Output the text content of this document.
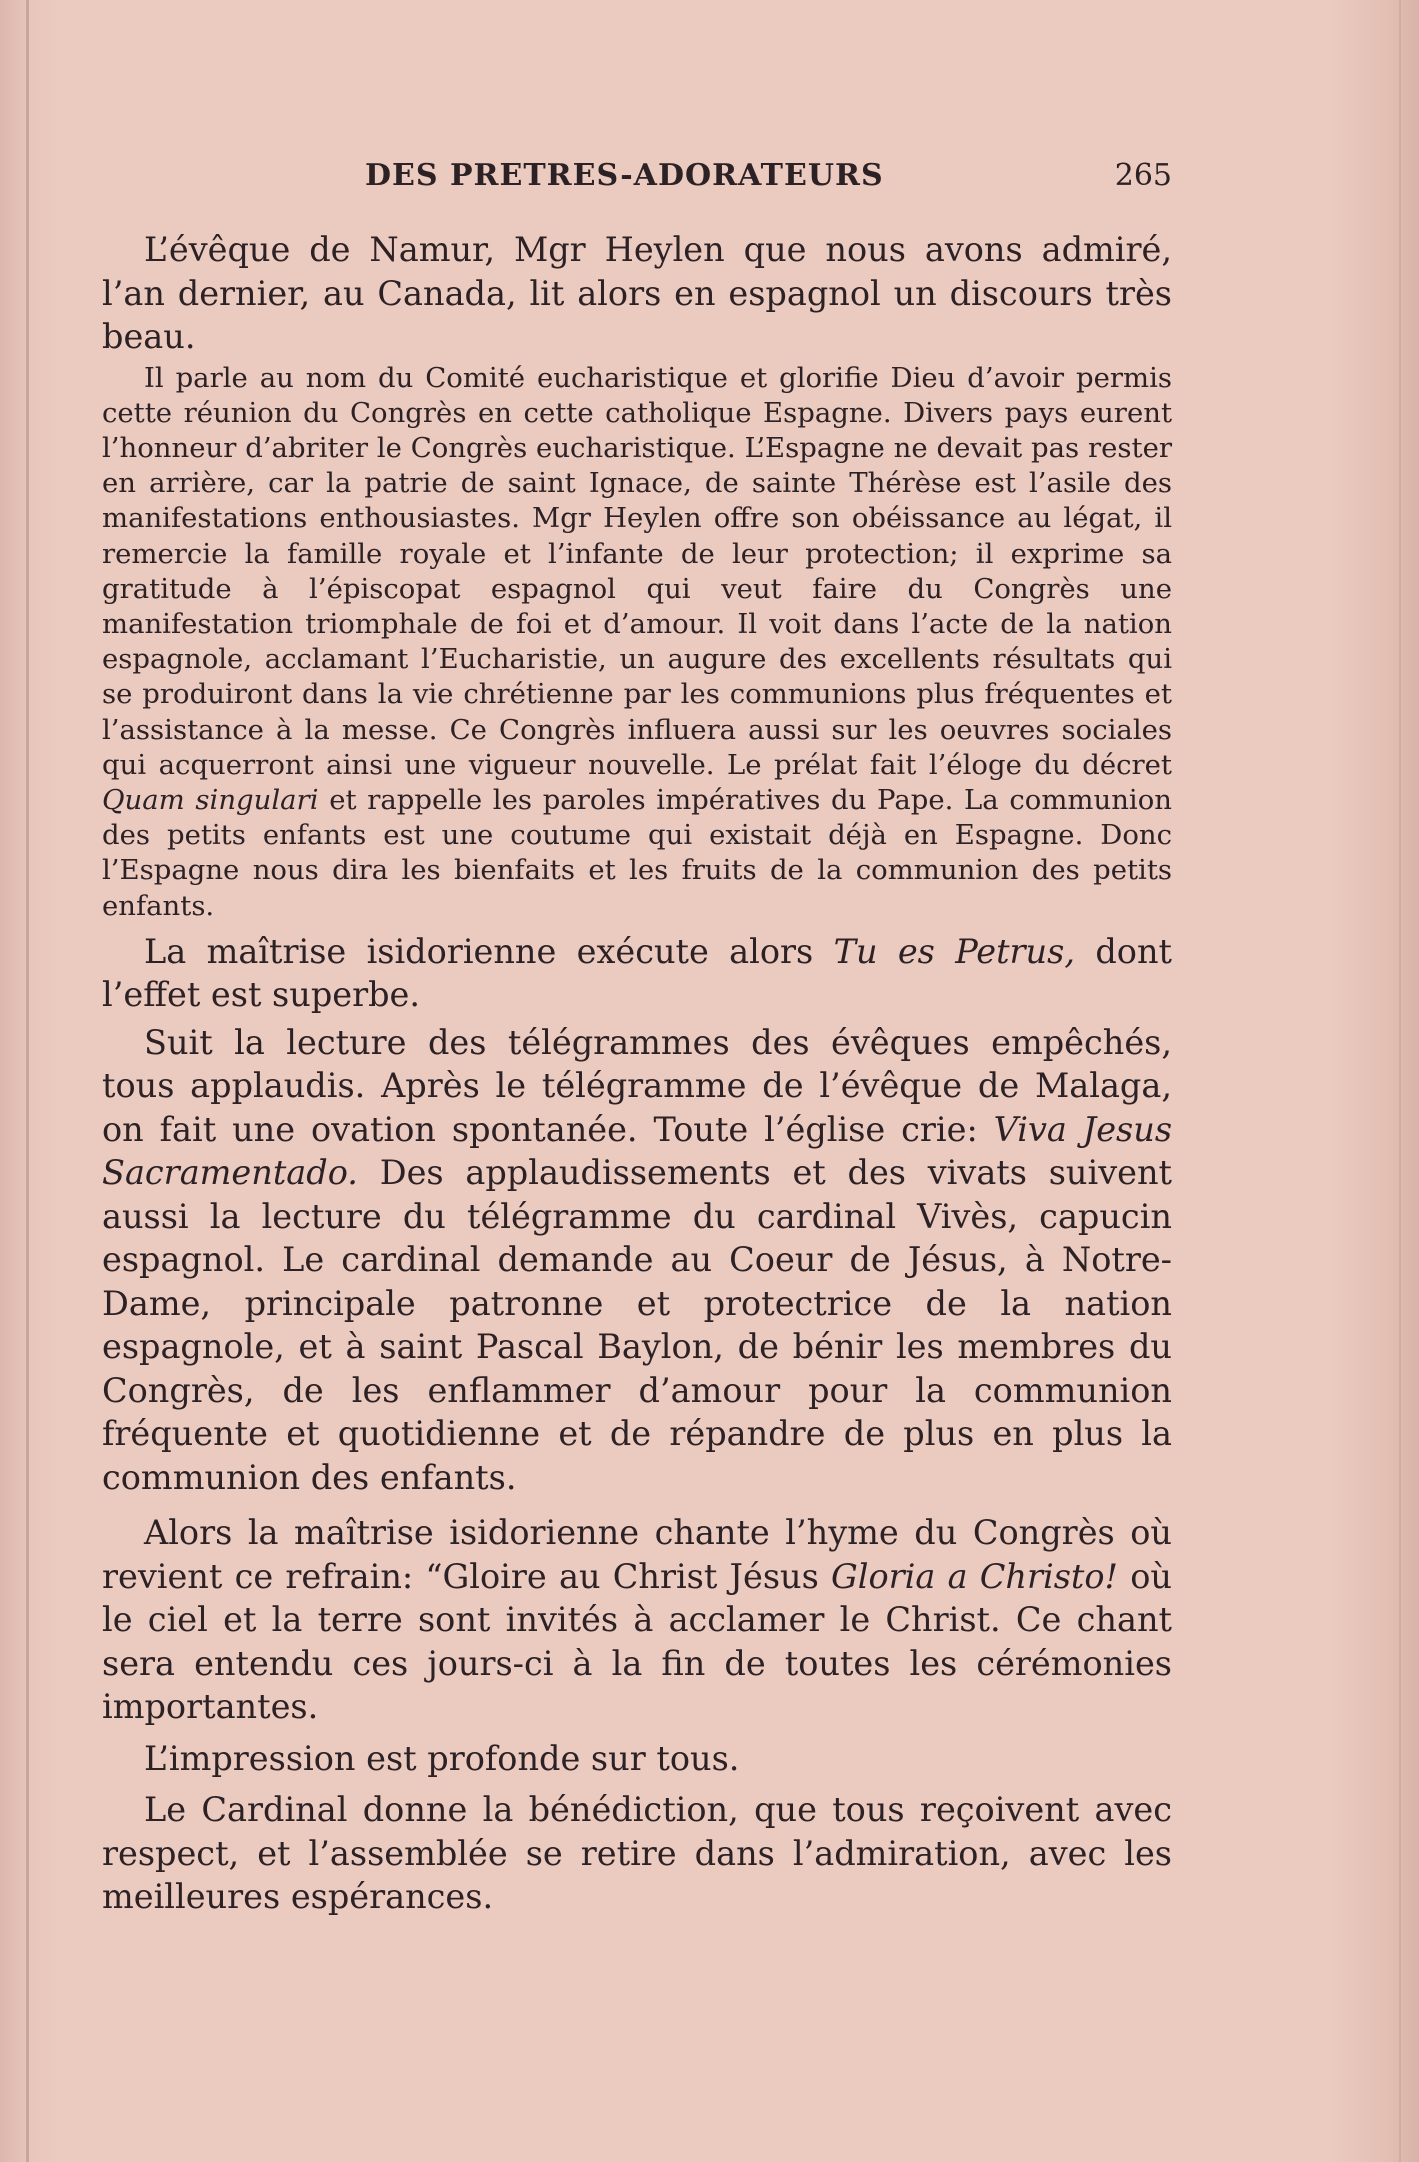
DES PRETRES-ADORATEURS	265

L’évêque de Namur, Mgr Heylen que nous avons admiré, l’an dernier, au Canada, lit alors en espagnol un discours très beau.

Il parle au nom du Comité eucharistique et glorifie Dieu d’avoir permis cette réunion du Congrès en cette catholique Espagne. Divers pays eurent l’honneur d’abriter le Congrès eucharistique. L’Espagne ne devait pas rester en arrière, car la patrie de saint Ignace, de sainte Thérèse est l’asile des manifestations enthousiastes. Mgr Heylen offre son obéissance au légat, il remercie la famille royale et l’infante de leur protection; il exprime sa gratitude à l’épiscopat espagnol qui veut faire du Congrès une manifestation triomphale de foi et d’amour. Il voit dans l’acte de la nation espagnole, acclamant l’Eucharistie, un augure des excellents résultats qui se produiront dans la vie chrétienne par les communions plus fréquentes et l’assistance à la messe. Ce Congrès influera aussi sur les oeuvres sociales qui acquerront ainsi une vigueur nouvelle. Le prélat fait l’éloge du décret Quam singulari et rappelle les paroles impératives du Pape. La communion des petits enfants est une coutume qui existait déjà en Espagne. Donc l’Espagne nous dira les bienfaits et les fruits de la communion des petits enfants.

La maîtrise isidorienne exécute alors Tu es Petrus, dont l’effet est superbe.

Suit la lecture des télégrammes des évêques empêchés, tous applaudis. Après le télégramme de l’évêque de Malaga, on fait une ovation spontanée. Toute l’église crie: Viva Jesus Sacramentado. Des applaudissements et des vivats suivent aussi la lecture du télégramme du cardinal Vivès, capucin espagnol. Le cardinal demande au Coeur de Jésus, à Notre-Dame, principale patronne et protectrice de la nation espagnole, et à saint Pascal Baylon, de bénir les membres du Congrès, de les enflammer d’amour pour la communion fréquente et quotidienne et de répandre de plus en plus la communion des enfants.

Alors la maîtrise isidorienne chante l’hyme du Congrès où revient ce refrain: “Gloire au Christ Jésus Gloria a Christo! où le ciel et la terre sont invités à acclamer le Christ. Ce chant sera entendu ces jours-ci à la fin de toutes les cérémonies importantes.

L’impression est profonde sur tous.

Le Cardinal donne la bénédiction, que tous reçoivent avec respect, et l’assemblée se retire dans l’admiration, avec les meilleures espérances.
